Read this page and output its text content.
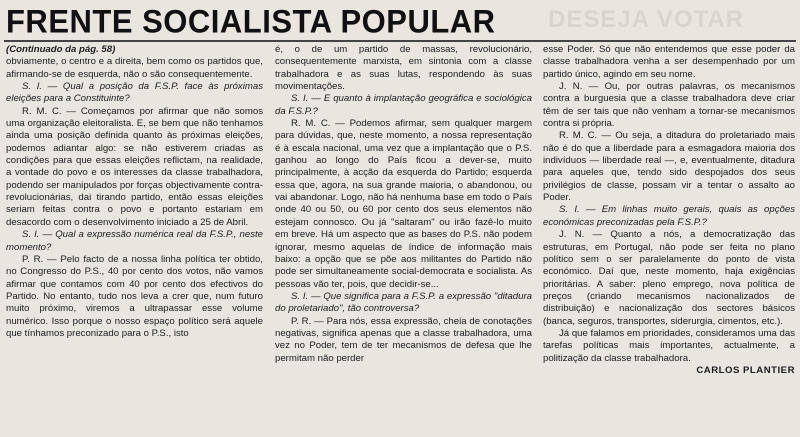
FRENTE SOCIALISTA POPULAR DESEJA VOTAR

(Continuado da pág. 58)

obviamente, o centro e a direita, bem como os partidos que, afirmando-se de esquerda, não o são consequentemente.

S. I. — Qual a posição da F.S.P. face às próximas eleições para a Constituinte?

R. M. C. — Começamos por afirmar que não somos uma organização eleitoralista. E, se bem que não tenhamos ainda uma posição definida quanto às próximas eleições, podemos adiantar algo: se não estiverem criadas as condições para que essas eleições reflictam, na realidade, a vontade do povo e os interesses da classe trabalhadora, podendo ser manipulados por forças objectivamente contra-revolucionárias, dai tirando partido, então essas eleições seriam feitas contra o povo e portanto estariam em desacordo com o desenvolvimento iniciado a 25 de Abril.

S. I. — Qual a expressão numérica real da F.S.P., neste momento?

P. R. — Pelo facto de a nossa linha política ter obtido, no Congresso do P.S., 40 por cento dos votos, não vamos afirmar que contamos com 40 por cento dos efectivos do Partido. No entanto, tudo nos leva a crer que, num futuro muito próximo, viremos a ultrapassar esse volume numérico. Isso porque o nosso espaço político será aquele que tínhamos preconizado para o P.S., isto

é, o de um partido de massas, revolucionário, consequentemente marxista, em sintonia com a classe trabalhadora e as suas lutas, respondendo às suas movimentações.

S. I. — E quanto à implantação geográfica e sociológica da F.S.P.?

R. M. C. — Podemos afirmar, sem qualquer margem para dúvidas, que, neste momento, a nossa representação é à escala nacional, uma vez que a implantação que o P.S. ganhou ao longo do País ficou a dever-se, muito principalmente, à acção da esquerda do Partido; esquerda essa que, agora, na sua grande maioria, o abandonou, ou vai abandonar. Logo, não há nenhuma base em todo o País onde 40 ou 50, ou 60 por cento dos seus elementos não estejam connosco. Ou já "saltaram" ou irão fazê-lo muito em breve. Há um aspecto que as bases do P.S. não podem ignorar, mesmo aquelas de índice de informação mais baixo: a opção que se põe aos militantes do Partido não pode ser simultaneamente social-democrata e socialista. As pessoas vão ter, pois, que decidir-se...

S. I. — Que significa para a F.S.P. a expressão "ditadura do proletariado", tão controversa?

P. R. — Para nós, essa expressão, cheia de conotações negativas, significa apenas que a classe trabalhadora, uma vez no Poder, tem de ter mecanismos de defesa que lhe permitam não perder

esse Poder. Só que não entendemos que esse poder da classe trabalhadora venha a ser desempenhado por um partido único, agindo em seu nome.

J. N. — Ou, por outras palavras, os mecanismos contra a burguesia que a classe trabalhadora deve criar têm de ser tais que não venham a tornar-se mecanismos contra si própria.

R. M. C. — Ou seja, a ditadura do proletariado mais não é do que a liberdade para a esmagadora maioria dos indivíduos — liberdade real —, e, eventualmente, ditadura para aqueles que, tendo sido despojados dos seus privilégios de classe, possam vir a tentar o assalto ao Poder.

S. I. — Em linhas muito gerais, quais as opções económicas preconizadas pela F.S.P.?

J. N. — Quanto a nós, a democratização das estruturas, em Portugal, não pode ser feita no plano político sem o ser paralelamente do ponto de vista económico. Daí que, neste momento, haja exigências prioritárias. A saber: pleno emprego, nova política de preços (criando mecanismos nacionalizados de distribuição) e nacionalização dos sectores básicos (banca, seguros, transportes, siderurgia, cimentos, etc.).

Já que falamos em prioridades, consideramos uma das tarefas políticas mais importantes, actualmente, a politização da classe trabalhadora.

CARLOS PLANTIER
